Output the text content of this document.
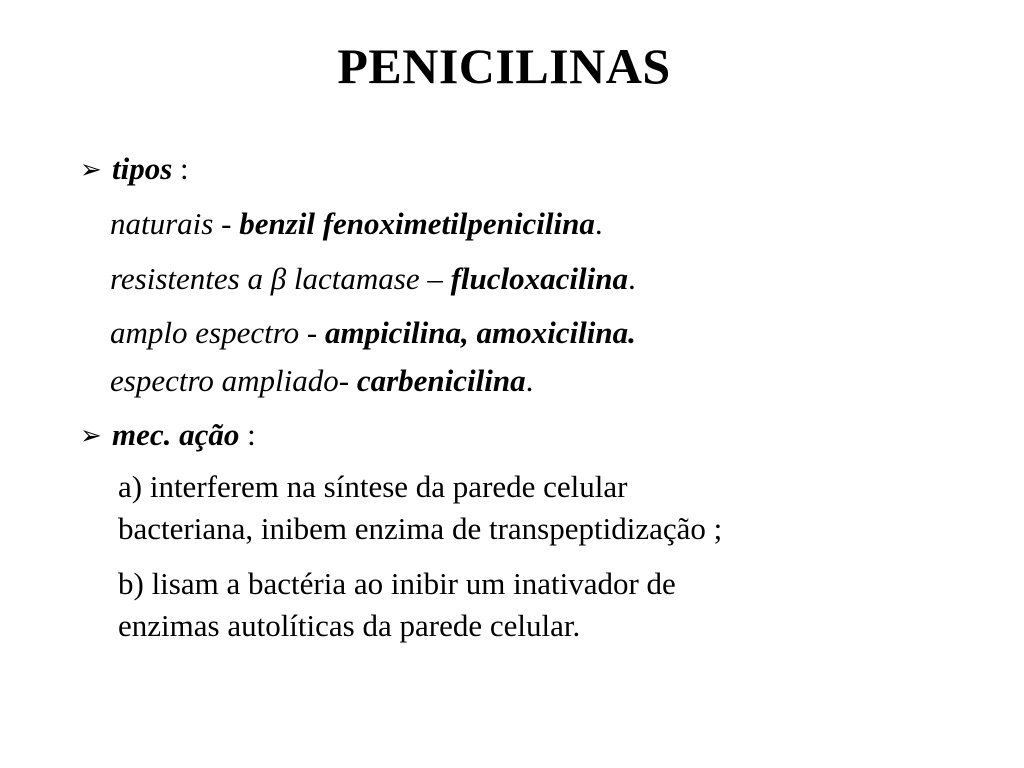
PENICILINAS
➢ tipos :
naturais - benzil fenoximetilpenicilina.
resistentes a β lactamase – flucloxacilina.
amplo espectro - ampicilina, amoxicilina.
espectro ampliado- carbenicilina.
➢ mec. ação :
a) interferem na síntese da parede celular
bacteriana, inibem enzima de transpeptidização ;
b) lisam a bactéria ao inibir um inativador de
enzimas autolíticas da parede celular.
